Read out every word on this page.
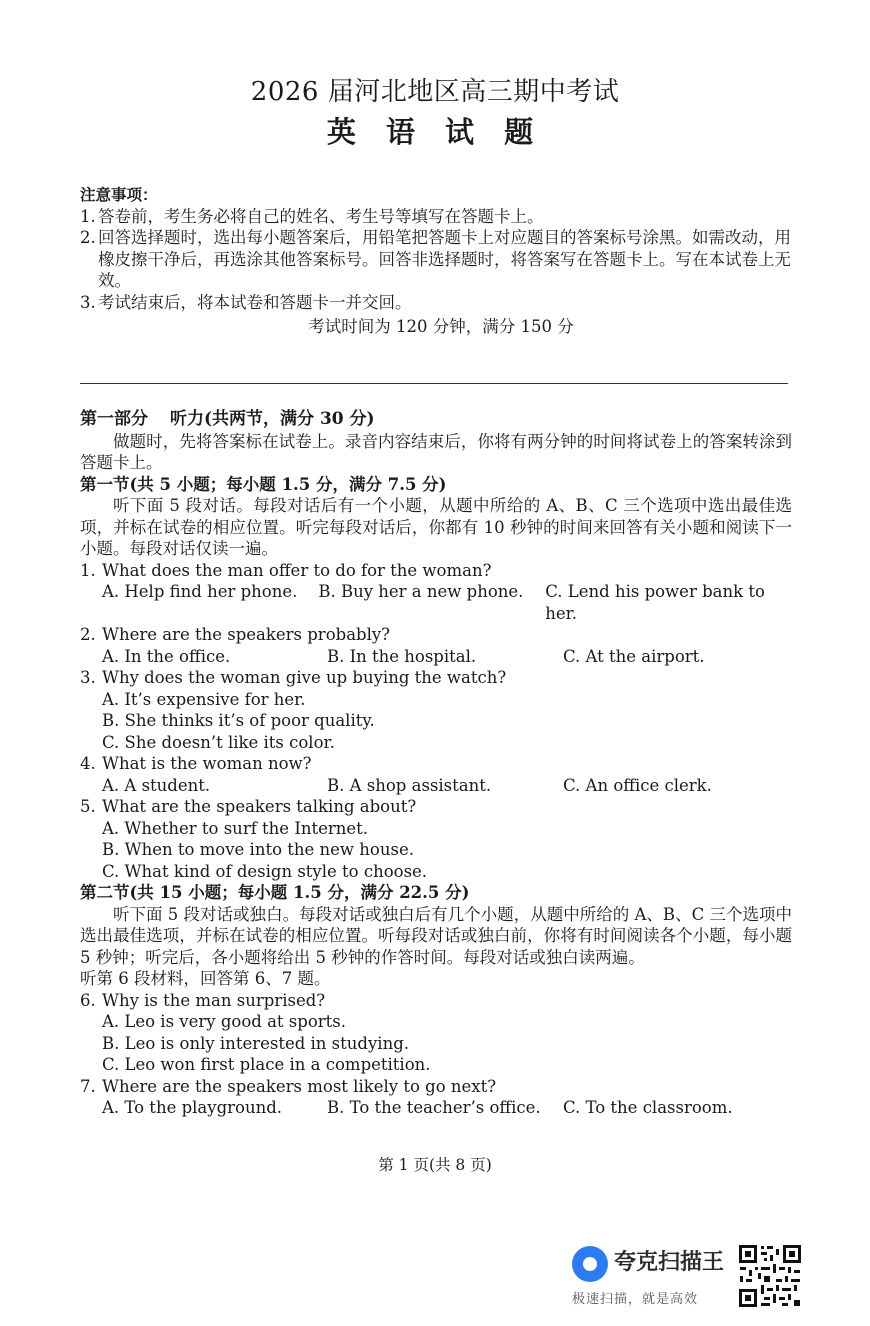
2026 届河北地区高三期中考试
英 语 试 题
注意事项：
1. 答卷前，考生务必将自己的姓名、考生号等填写在答题卡上。
2. 回答选择题时，选出每小题答案后，用铅笔把答题卡上对应题目的答案标号涂黑。如需改动，用橡皮擦干净后，再选涂其他答案标号。回答非选择题时，将答案写在答题卡上。写在本试卷上无效。
3. 考试结束后，将本试卷和答题卡一并交回。
考试时间为 120 分钟，满分 150 分
第一部分 听力(共两节，满分 30 分)
做题时，先将答案标在试卷上。录音内容结束后，你将有两分钟的时间将试卷上的答案转涂到答题卡上。
第一节(共 5 小题；每小题 1.5 分，满分 7.5 分)
听下面 5 段对话。每段对话后有一个小题，从题中所给的 A、B、C 三个选项中选出最佳选项，并标在试卷的相应位置。听完每段对话后，你都有 10 秒钟的时间来回答有关小题和阅读下一小题。每段对话仅读一遍。
1. What does the man offer to do for the woman?
A. Help find her phone.	B. Buy her a new phone.	C. Lend his power bank to her.
2. Where are the speakers probably?
A. In the office.	B. In the hospital.	C. At the airport.
3. Why does the woman give up buying the watch?
A. It’s expensive for her.
B. She thinks it’s of poor quality.
C. She doesn’t like its color.
4. What is the woman now?
A. A student.	B. A shop assistant.	C. An office clerk.
5. What are the speakers talking about?
A. Whether to surf the Internet.
B. When to move into the new house.
C. What kind of design style to choose.
第二节(共 15 小题；每小题 1.5 分，满分 22.5 分)
听下面 5 段对话或独白。每段对话或独白后有几个小题，从题中所给的 A、B、C 三个选项中选出最佳选项，并标在试卷的相应位置。听每段对话或独白前，你将有时间阅读各个小题，每小题 5 秒钟；听完后，各小题将给出 5 秒钟的作答时间。每段对话或独白读两遍。
听第 6 段材料，回答第 6、7 题。
6. Why is the man surprised?
A. Leo is very good at sports.
B. Leo is only interested in studying.
C. Leo won first place in a competition.
7. Where are the speakers most likely to go next?
A. To the playground.	B. To the teacher’s office.	C. To the classroom.
第 1 页(共 8 页)
夸克扫描王
极速扫描，就是高效
